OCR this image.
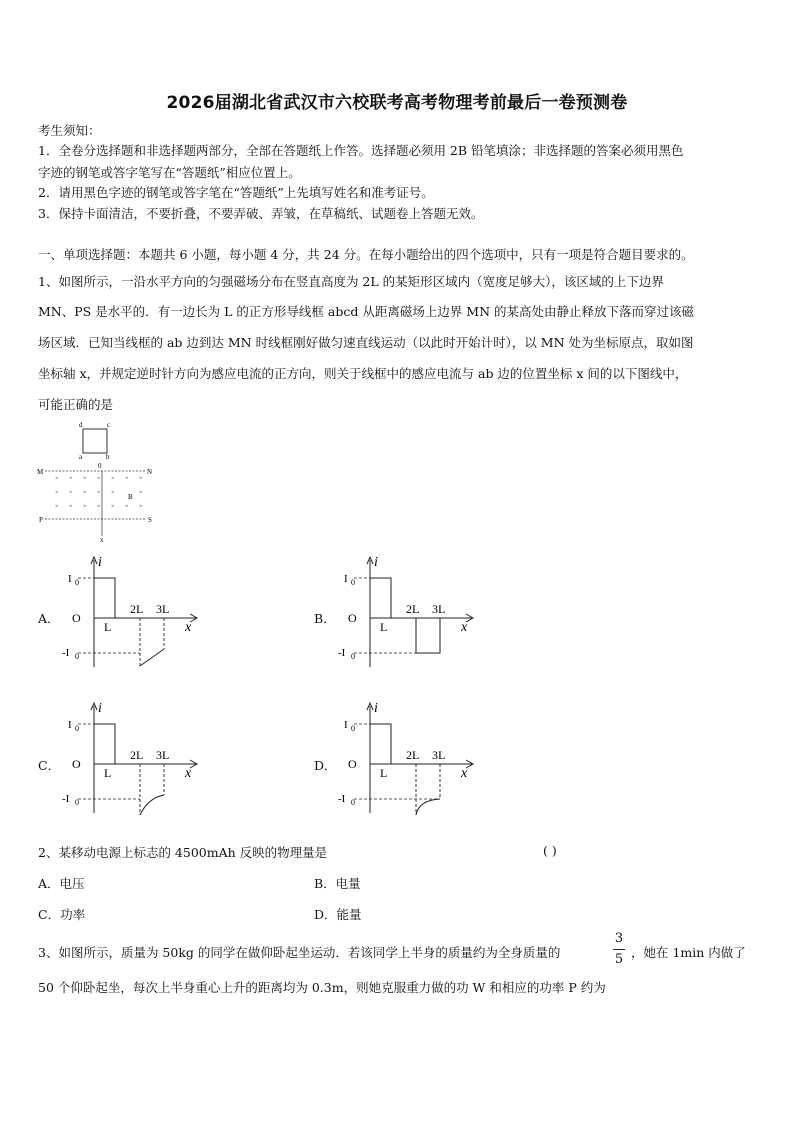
2026届湖北省武汉市六校联考高考物理考前最后一卷预测卷
考生须知：
1．全卷分选择题和非选择题两部分，全部在答题纸上作答。选择题必须用 2B 铅笔填涂；非选择题的答案必须用黑色
字迹的钢笔或答字笔写在“答题纸”相应位置上。
2．请用黑色字迹的钢笔或答字笔在“答题纸”上先填写姓名和准考证号。
3．保持卡面清洁，不要折叠，不要弄破、弄皱，在草稿纸、试题卷上答题无效。
一、单项选择题：本题共 6 小题，每小题 4 分，共 24 分。在每小题给出的四个选项中，只有一项是符合题目要求的。
1、如图所示，一沿水平方向的匀强磁场分布在竖直高度为 2L 的某矩形区域内（宽度足够大），该区域的上下边界
MN、PS 是水平的．有一边长为 L 的正方形导线框 abcd 从距离磁场上边界 MN 的某高处由静止释放下落而穿过该磁
场区域．已知当线框的 ab 边到达 MN 时线框刚好做匀速直线运动（以此时开始计时），以 MN 处为坐标原点，取如图
坐标轴 x，并规定逆时针方向为感应电流的正方向，则关于线框中的感应电流与 ab 边的位置坐标 x 间的以下图线中，
可能正确的是
d	c
a	b
0
M	N
P	S
B
x
× × × × × × ×
× × × × ×	×
× × × × × × ×
A．	B．
C．	D．
i
I 0
-I 0
O
L
2L 3L
x
i
I 0
-I 0
O
L
2L 3L
x
i
I 0
-I 0
O
L
2L 3L
x
i
I 0
-I 0
O
L
2L 3L
x
2、某移动电源上标志的 4500mAh 反映的物理量是	( )
A．电压	B．电量
C．功率	D．能量
3、如图所示，质量为 50kg 的同学在做仰卧起坐运动．若该同学上半身的质量约为全身质量的
3
5 ，她在 1min 内做了
50 个仰卧起坐，每次上半身重心上升的距离均为 0.3m，则她克服重力做的功 W 和相应的功率 P 约为
